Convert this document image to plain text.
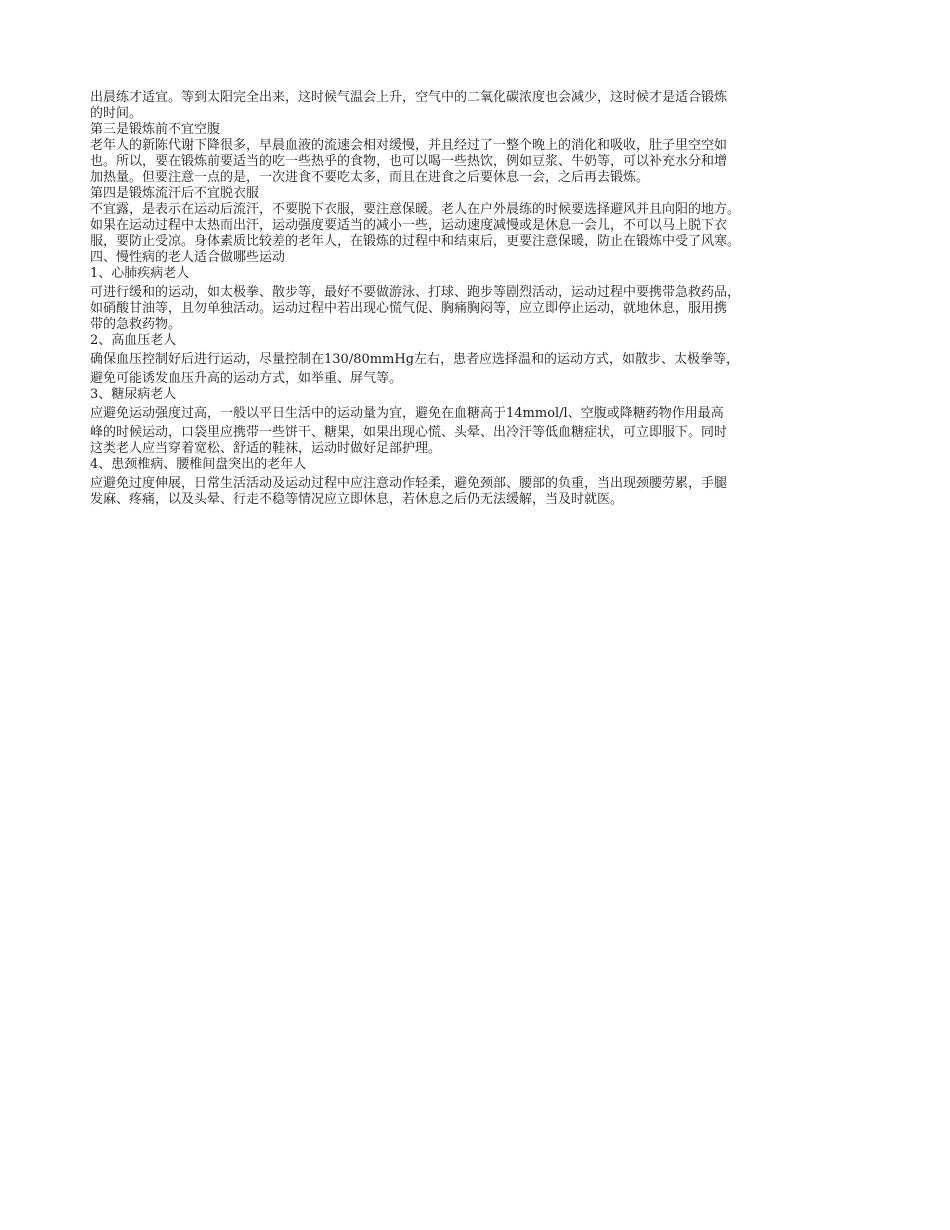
出晨练才适宜。等到太阳完全出来，这时候气温会上升，空气中的二氧化碳浓度也会减少，这时候才是适合锻炼

的时间。

第三是锻炼前不宜空腹

老年人的新陈代谢下降很多，早晨血液的流速会相对缓慢，并且经过了一整个晚上的消化和吸收，肚子里空空如

也。所以，要在锻炼前要适当的吃一些热乎的食物，也可以喝一些热饮，例如豆浆、牛奶等，可以补充水分和增

加热量。但要注意一点的是，一次进食不要吃太多，而且在进食之后要休息一会，之后再去锻炼。

第四是锻炼流汗后不宜脱衣服

不宜露，是表示在运动后流汗，不要脱下衣服，要注意保暖。老人在户外晨练的时候要选择避风并且向阳的地方。

如果在运动过程中太热而出汗，运动强度要适当的减小一些，运动速度减慢或是休息一会儿，不可以马上脱下衣

服，要防止受凉。身体素质比较差的老年人，在锻炼的过程中和结束后，更要注意保暖，防止在锻炼中受了风寒。

四、慢性病的老人适合做哪些运动

1、心肺疾病老人

可进行缓和的运动，如太极拳、散步等，最好不要做游泳、打球、跑步等剧烈活动，运动过程中要携带急救药品，

如硝酸甘油等，且勿单独活动。运动过程中若出现心慌气促、胸痛胸闷等，应立即停止运动，就地休息，服用携

带的急救药物。

2、高血压老人

确保血压控制好后进行运动，尽量控制在130/80mmHg左右，患者应选择温和的运动方式，如散步、太极拳等，

避免可能诱发血压升高的运动方式，如举重、屏气等。

3、糖尿病老人

应避免运动强度过高，一般以平日生活中的运动量为宜，避免在血糖高于14mmol/l、空腹或降糖药物作用最高

峰的时候运动，口袋里应携带一些饼干、糖果，如果出现心慌、头晕、出冷汗等低血糖症状，可立即服下。同时

这类老人应当穿着宽松、舒适的鞋袜，运动时做好足部护理。

4、患颈椎病、腰椎间盘突出的老年人

应避免过度伸展，日常生活活动及运动过程中应注意动作轻柔，避免颈部、腰部的负重，当出现颈腰劳累，手腿

发麻、疼痛，以及头晕、行走不稳等情况应立即休息，若休息之后仍无法缓解，当及时就医。
